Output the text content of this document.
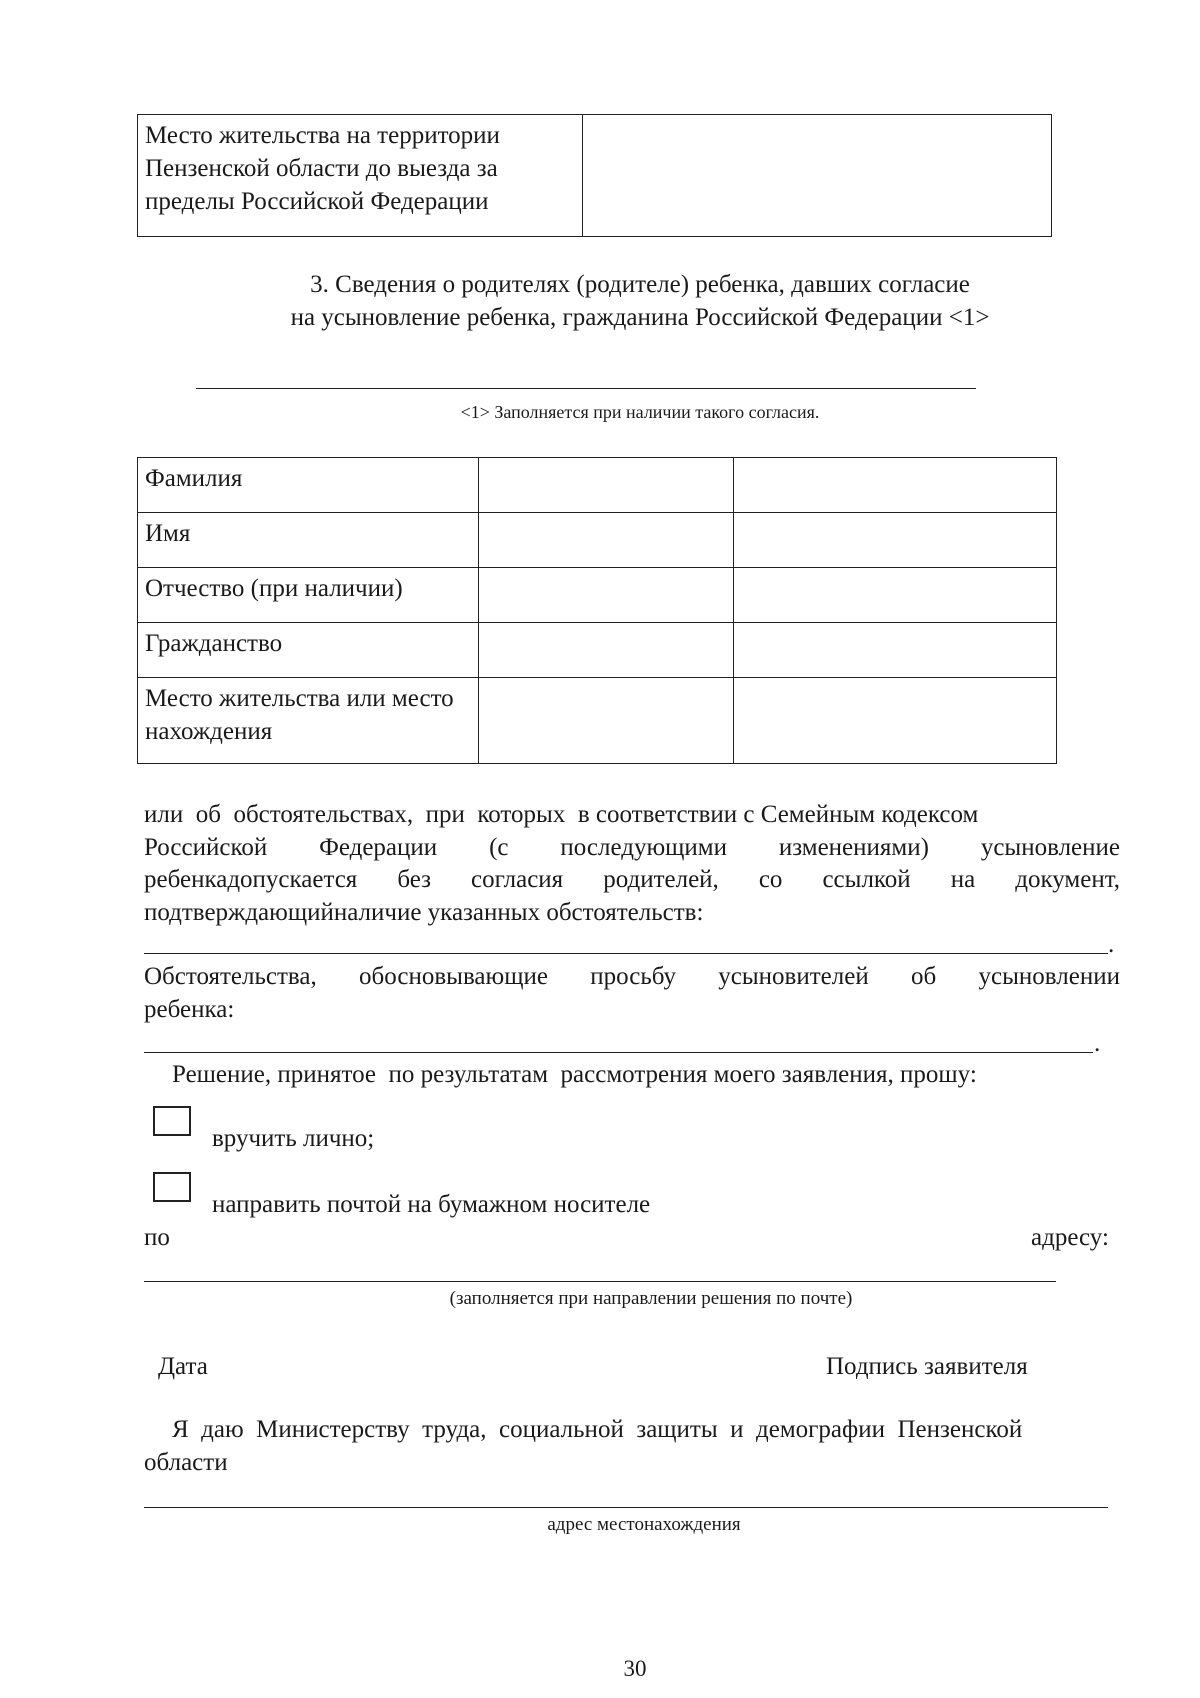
Место жительства на территории Пензенской области до выезда за пределы Российской Федерации	
3. Сведения о родителях (родителе) ребенка, давших согласие
на усыновление ребенка, гражданина Российской Федерации <1>
<1> Заполняется при наличии такого согласия.
Фамилия		
Имя		
Отчество (при наличии)		
Гражданство		
Место жительства или место нахождения		
или  об  обстоятельствах,  при  которых  в соответствии с Семейным кодексом
Российской Федерации (с последующими изменениями) усыновление
ребенкадопускается без согласия родителей, со ссылкой на документ,
подтверждающийналичие указанных обстоятельств:
.
Обстоятельства, обосновывающие просьбу усыновителей об усыновлении
ребенка:
.
Решение, принятое  по результатам  рассмотрения моего заявления, прошу:
вручить лично;
направить почтой на бумажном носителе
по	адресу:
(заполняется при направлении решения по почте)
Дата	Подпись заявителя
Я  даю  Министерству  труда,  социальной  защиты  и  демографии  Пензенской
области
адрес местонахождения
30
